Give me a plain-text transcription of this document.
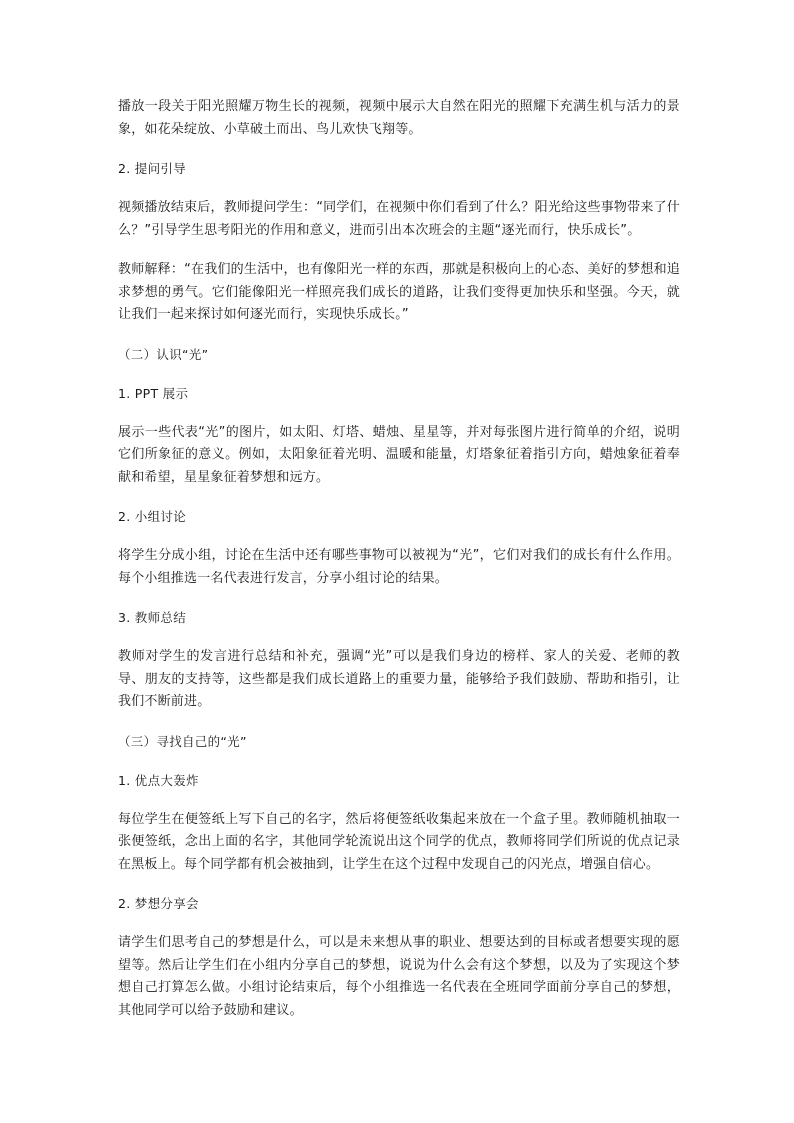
播放一段关于阳光照耀万物生长的视频，视频中展示大自然在阳光的照耀下充满生机与活力的景象，如花朵绽放、小草破土而出、鸟儿欢快飞翔等。

2. 提问引导

视频播放结束后，教师提问学生：“同学们，在视频中你们看到了什么？阳光给这些事物带来了什么？”引导学生思考阳光的作用和意义，进而引出本次班会的主题“逐光而行，快乐成长”。

教师解释：“在我们的生活中，也有像阳光一样的东西，那就是积极向上的心态、美好的梦想和追求梦想的勇气。它们能像阳光一样照亮我们成长的道路，让我们变得更加快乐和坚强。今天，就让我们一起来探讨如何逐光而行，实现快乐成长。”

（二）认识“光”

1. PPT 展示

展示一些代表“光”的图片，如太阳、灯塔、蜡烛、星星等，并对每张图片进行简单的介绍，说明它们所象征的意义。例如，太阳象征着光明、温暖和能量，灯塔象征着指引方向，蜡烛象征着奉献和希望，星星象征着梦想和远方。

2. 小组讨论

将学生分成小组，讨论在生活中还有哪些事物可以被视为“光”，它们对我们的成长有什么作用。每个小组推选一名代表进行发言，分享小组讨论的结果。

3. 教师总结

教师对学生的发言进行总结和补充，强调“光”可以是我们身边的榜样、家人的关爱、老师的教导、朋友的支持等，这些都是我们成长道路上的重要力量，能够给予我们鼓励、帮助和指引，让我们不断前进。

（三）寻找自己的“光”

1. 优点大轰炸

每位学生在便签纸上写下自己的名字，然后将便签纸收集起来放在一个盒子里。教师随机抽取一张便签纸，念出上面的名字，其他同学轮流说出这个同学的优点，教师将同学们所说的优点记录在黑板上。每个同学都有机会被抽到，让学生在这个过程中发现自己的闪光点，增强自信心。

2. 梦想分享会

请学生们思考自己的梦想是什么，可以是未来想从事的职业、想要达到的目标或者想要实现的愿望等。然后让学生们在小组内分享自己的梦想，说说为什么会有这个梦想，以及为了实现这个梦想自己打算怎么做。小组讨论结束后，每个小组推选一名代表在全班同学面前分享自己的梦想，其他同学可以给予鼓励和建议。
